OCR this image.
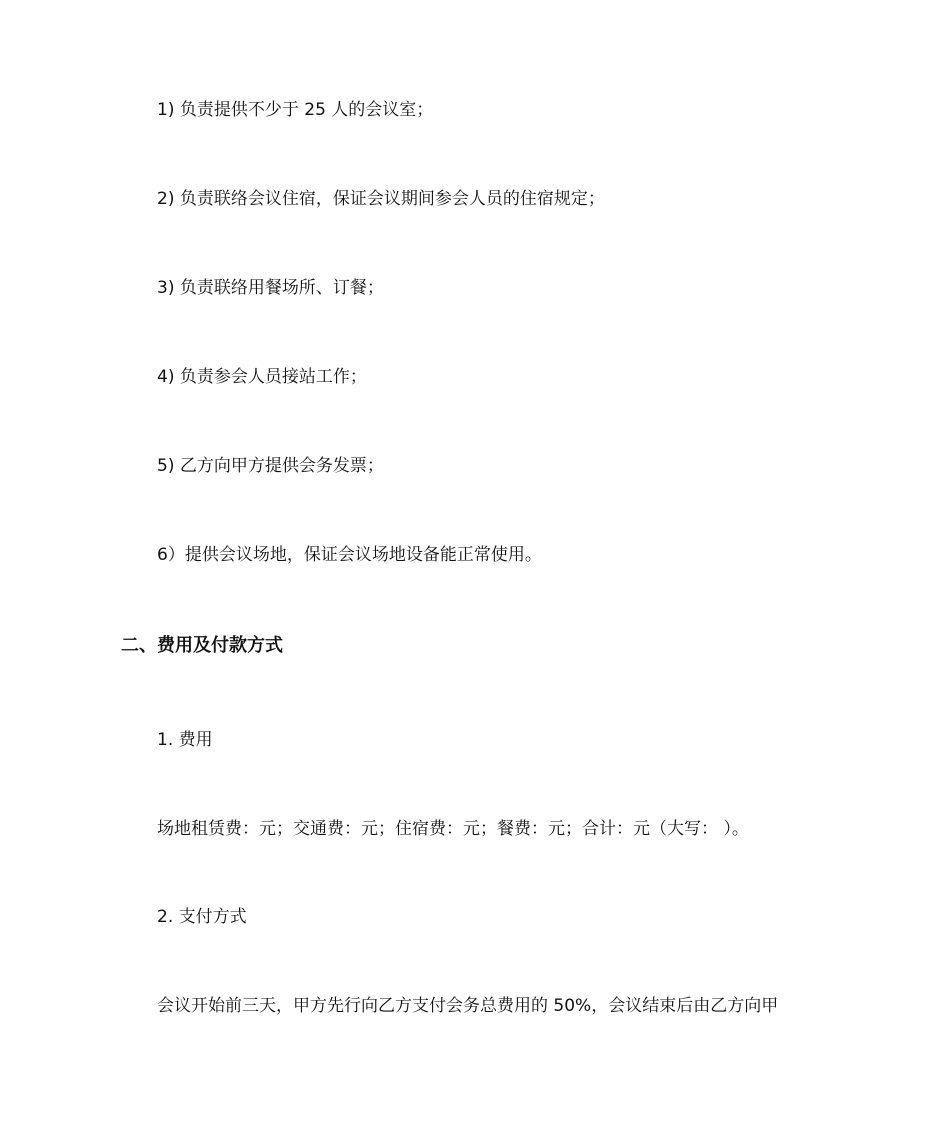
1) 负责提供不少于 25 人的会议室；
2) 负责联络会议住宿，保证会议期间参会人员的住宿规定；
3) 负责联络用餐场所、订餐；
4) 负责参会人员接站工作；
5) 乙方向甲方提供会务发票；
6）提供会议场地，保证会议场地设备能正常使用。
二、费用及付款方式
1. 费用
场地租赁费：元；交通费：元；住宿费：元；餐费：元；合计：元（大写： ）。
2. 支付方式
会议开始前三天，甲方先行向乙方支付会务总费用的 50%，会议结束后由乙方向甲
